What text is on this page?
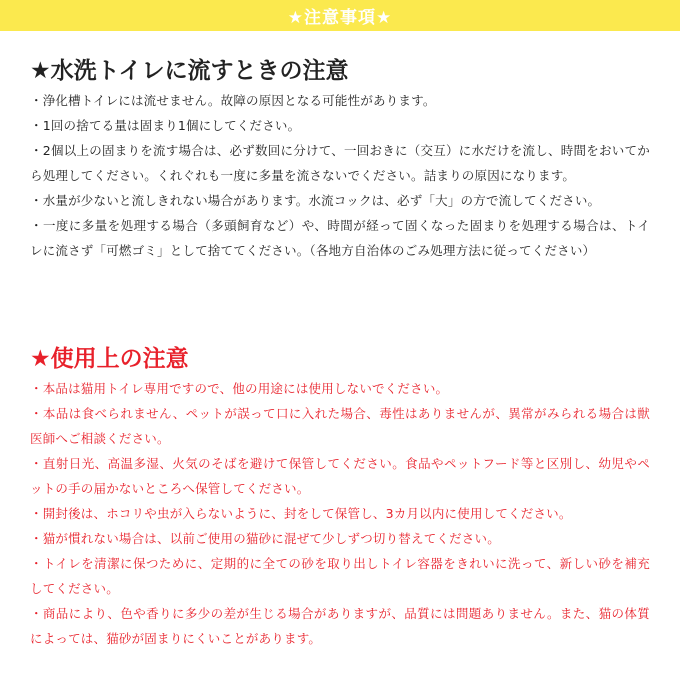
★注意事項★
★水洗トイレに流すときの注意
・浄化槽トイレには流せません。故障の原因となる可能性があります。
・1回の捨てる量は固まり1個にしてください。
・2個以上の固まりを流す場合は、必ず数回に分けて、一回おきに（交互）に水だけを流し、時間をおいてから処理してください。くれぐれも一度に多量を流さないでください。詰まりの原因になります。
・水量が少ないと流しきれない場合があります。水流コックは、必ず「大」の方で流してください。
・一度に多量を処理する場合（多頭飼育など）や、時間が経って固くなった固まりを処理する場合は、トイレに流さず「可燃ゴミ」として捨ててください。（各地方自治体のごみ処理方法に従ってください）
★使用上の注意
・本品は猫用トイレ専用ですので、他の用途には使用しないでください。
・本品は食べられません、ペットが誤って口に入れた場合、毒性はありませんが、異常がみられる場合は獣医師へご相談ください。
・直射日光、高温多湿、火気のそばを避けて保管してください。食品やペットフード等と区別し、幼児やペットの手の届かないところへ保管してください。
・開封後は、ホコリや虫が入らないように、封をして保管し、3カ月以内に使用してください。
・猫が慣れない場合は、以前ご使用の猫砂に混ぜて少しずつ切り替えてください。
・トイレを清潔に保つために、定期的に全ての砂を取り出しトイレ容器をきれいに洗って、新しい砂を補充してください。
・商品により、色や香りに多少の差が生じる場合がありますが、品質には問題ありません。また、猫の体質によっては、猫砂が固まりにくいことがあります。
